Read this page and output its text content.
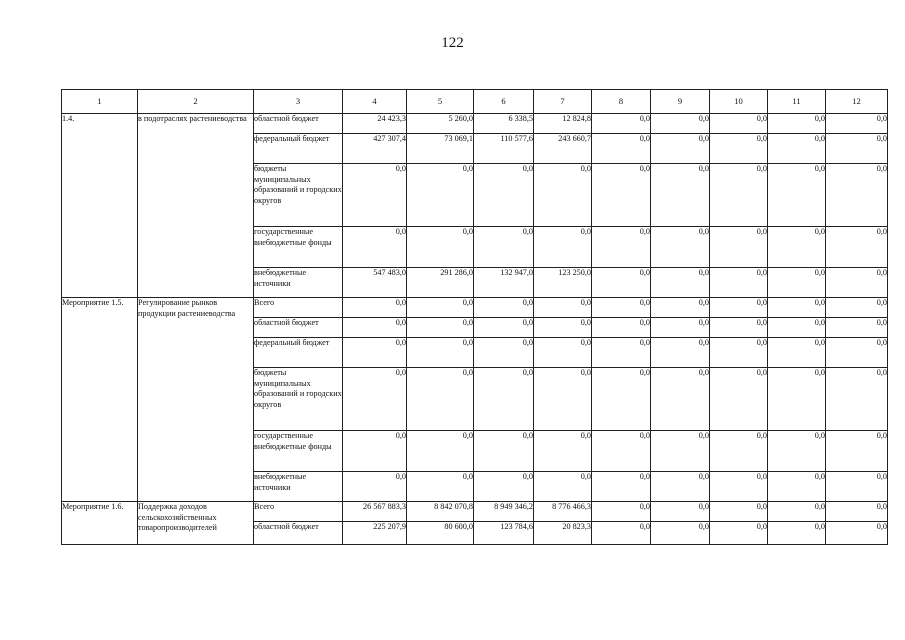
122
1	2	3	4	5	6	7	8	9	10	11	12
1.4.	в подотраслях растениеводства	областной бюджет	24 423,3	5 260,0	6 338,5	12 824,8	0,0	0,0	0,0	0,0	0,0
		федеральный бюджет	427 307,4	73 069,1	110 577,6	243 660,7	0,0	0,0	0,0	0,0	0,0
		бюджеты муниципальных образований и городских округов	0,0	0,0	0,0	0,0	0,0	0,0	0,0	0,0	0,0
		государственные внебюджетные фонды	0,0	0,0	0,0	0,0	0,0	0,0	0,0	0,0	0,0
		внебюджетные источники	547 483,0	291 286,0	132 947,0	123 250,0	0,0	0,0	0,0	0,0	0,0
Мероприятие 1.5.	Регулирование рынков продукции растениеводства	Всего	0,0	0,0	0,0	0,0	0,0	0,0	0,0	0,0	0,0
		областной бюджет	0,0	0,0	0,0	0,0	0,0	0,0	0,0	0,0	0,0
		федеральный бюджет	0,0	0,0	0,0	0,0	0,0	0,0	0,0	0,0	0,0
		бюджеты муниципальных образований и городских округов	0,0	0,0	0,0	0,0	0,0	0,0	0,0	0,0	0,0
		государственные внебюджетные фонды	0,0	0,0	0,0	0,0	0,0	0,0	0,0	0,0	0,0
		внебюджетные источники	0,0	0,0	0,0	0,0	0,0	0,0	0,0	0,0	0,0
Мероприятие 1.6.	Поддержка доходов сельскохозяйственных товаропроизводителей	Всего	26 567 883,3	8 842 070,8	8 949 346,2	8 776 466,3	0,0	0,0	0,0	0,0	0,0
		областной бюджет	225 207,9	80 600,0	123 784,6	20 823,3	0,0	0,0	0,0	0,0	0,0
